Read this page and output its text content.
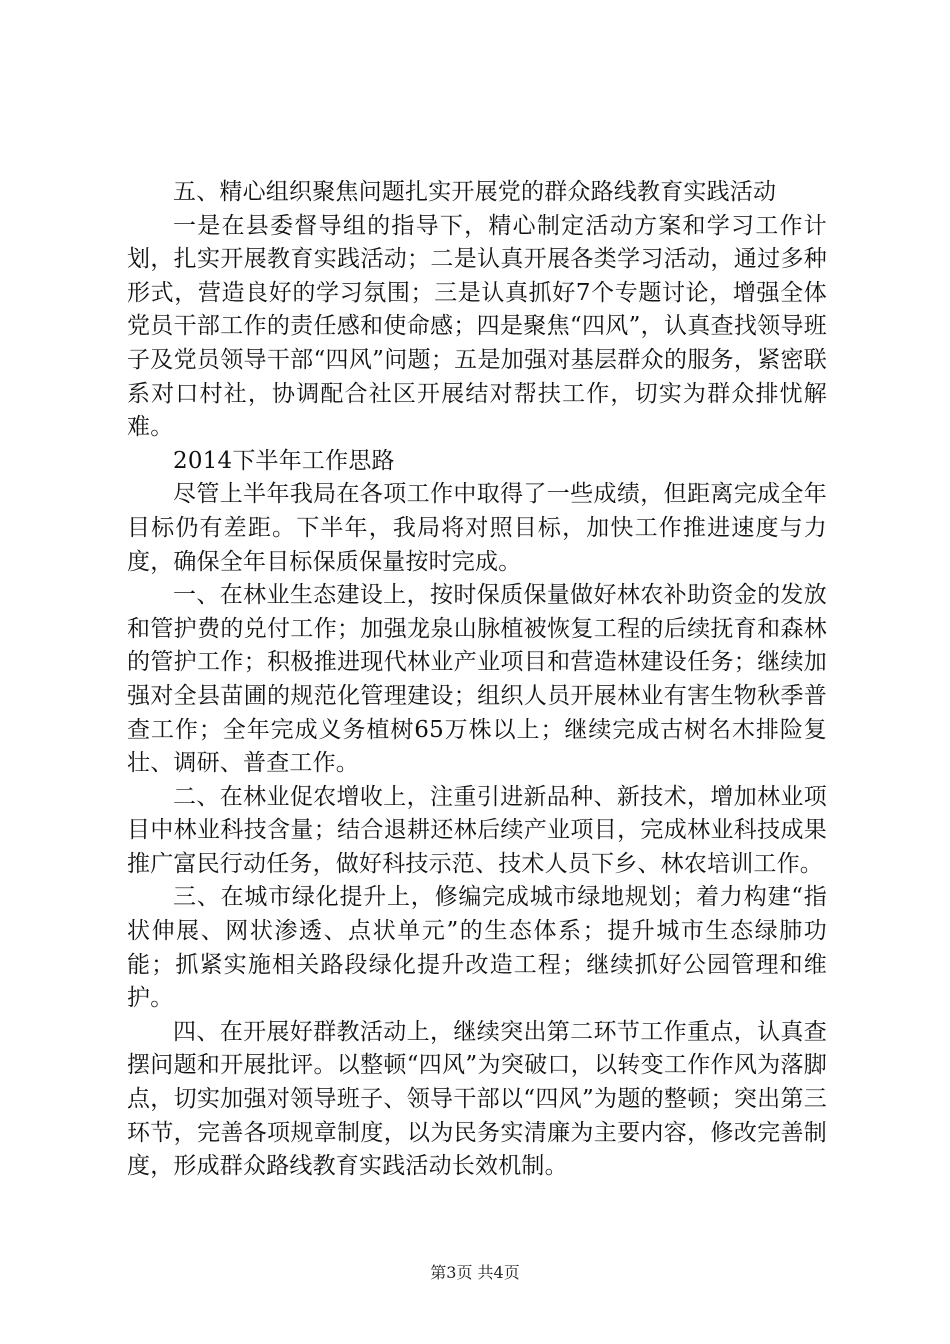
五、精心组织聚焦问题扎实开展党的群众路线教育实践活动

一是在县委督导组的指导下，精心制定活动方案和学习工作计划，扎实开展教育实践活动；二是认真开展各类学习活动，通过多种形式，营造良好的学习氛围；三是认真抓好7个专题讨论，增强全体党员干部工作的责任感和使命感；四是聚焦“四风”，认真查找领导班子及党员领导干部“四风”问题；五是加强对基层群众的服务，紧密联系对口村社，协调配合社区开展结对帮扶工作，切实为群众排忧解难。

2014下半年工作思路

尽管上半年我局在各项工作中取得了一些成绩，但距离完成全年目标仍有差距。下半年，我局将对照目标，加快工作推进速度与力度，确保全年目标保质保量按时完成。

一、在林业生态建设上，按时保质保量做好林农补助资金的发放和管护费的兑付工作；加强龙泉山脉植被恢复工程的后续抚育和森林的管护工作；积极推进现代林业产业项目和营造林建设任务；继续加强对全县苗圃的规范化管理建设；组织人员开展林业有害生物秋季普查工作；全年完成义务植树65万株以上；继续完成古树名木排险复壮、调研、普查工作。

二、在林业促农增收上，注重引进新品种、新技术，增加林业项目中林业科技含量；结合退耕还林后续产业项目，完成林业科技成果推广富民行动任务，做好科技示范、技术人员下乡、林农培训工作。

三、在城市绿化提升上，修编完成城市绿地规划；着力构建“指状伸展、网状渗透、点状单元”的生态体系；提升城市生态绿肺功能；抓紧实施相关路段绿化提升改造工程；继续抓好公园管理和维护。

四、在开展好群教活动上，继续突出第二环节工作重点，认真查摆问题和开展批评。以整顿“四风”为突破口，以转变工作作风为落脚点，切实加强对领导班子、领导干部以“四风”为题的整顿；突出第三环节，完善各项规章制度，以为民务实清廉为主要内容，修改完善制度，形成群众路线教育实践活动长效机制。

第3页 共4页
